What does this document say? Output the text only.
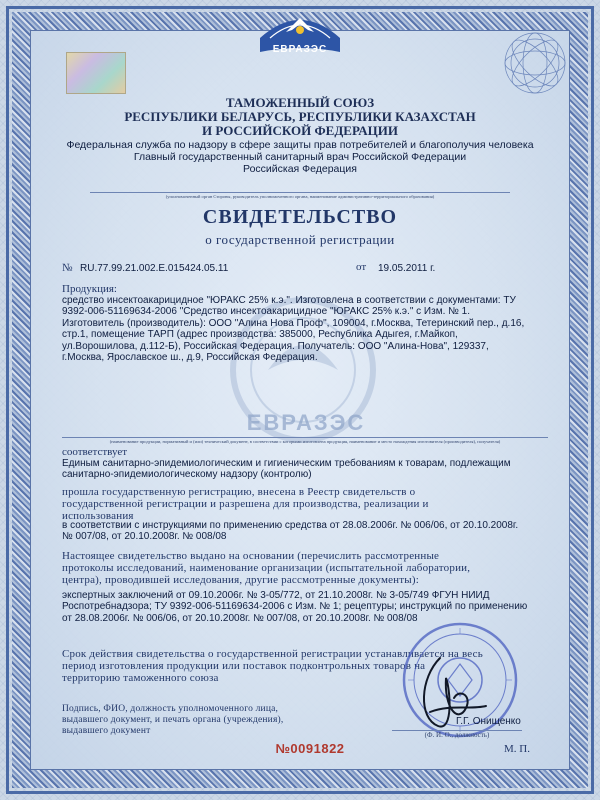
ЕВРАЗЭС
ТАМОЖЕННЫЙ СОЮЗ
РЕСПУБЛИКИ БЕЛАРУСЬ, РЕСПУБЛИКИ КАЗАХСТАН
И РОССИЙСКОЙ ФЕДЕРАЦИИ
Федеральная служба по надзору в сфере защиты прав потребителей и благополучия человека
Главный государственный санитарный врач Российской Федерации
Российская Федерация
(уполномоченный орган Стороны, руководитель уполномоченного органа, наименование административно-территориального образования)
СВИДЕТЕЛЬСТВО
о государственной регистрации
№ RU.77.99.21.002.E.015424.05.11	от 19.05.2011 г.
ЕВРАЗЭС
Продукция:
средство инсектоакарицидное "ЮРАКС 25% к.э.". Изготовлена в соответствии с документами: ТУ
9392-006-51169634-2006 "Средство инсектоакарицидное "ЮРАКС 25% к.э." с Изм. № 1.
Изготовитель (производитель): ООО "Алина Нова Проф", 109004, г.Москва, Тетеринский пер., д.16,
стр.1, помещение ТАРП (адрес производства: 385000, Республика Адыгея, г.Майкоп,
ул.Ворошилова, д.112-Б), Российская Федерация. Получатель: ООО "Алина-Нова", 129337,
г.Москва, Ярославское ш., д.9, Российская Федерация.
(наименование продукции, нормативный и (или) технический документ, в соответствии с которыми изготовлена продукция, наименование и место нахождения изготовителя (производителя), получателя)
соответствует
Единым санитарно-эпидемиологическим и гигиеническим требованиям к товарам, подлежащим
санитарно-эпидемиологическому надзору (контролю)
прошла государственную регистрацию, внесена в Реестр свидетельств о
государственной регистрации и разрешена для производства, реализации и
использования
в соответствии с инструкциями по применению средства от 28.08.2006г. № 006/06, от 20.10.2008г.
№ 007/08, от 20.10.2008г. № 008/08
Настоящее свидетельство выдано на основании (перечислить рассмотренные
протоколы исследований, наименование организации (испытательной лаборатории,
центра), проводившей исследования, другие рассмотренные документы):
экспертных заключений от 09.10.2006г. № 3-05/772, от 21.10.2008г. № 3-05/749 ФГУН НИИД
Роспотребнадзора; ТУ 9392-006-51169634-2006 с Изм. № 1; рецептуры; инструкций по применению
от 28.08.2006г. № 006/06, от 20.10.2008г. № 007/08, от 20.10.2008г. № 008/08
Срок действия свидетельства о государственной регистрации устанавливается на весь
период изготовления продукции или поставок подконтрольных товаров на
территорию таможенного союза
Подпись, ФИО, должность уполномоченного лица,
выдавшего документ, и печать органа (учреждения),
выдавшего документ
Г.Г. Онищенко
(Ф. И. О., должность)
№0091822	М. П.
